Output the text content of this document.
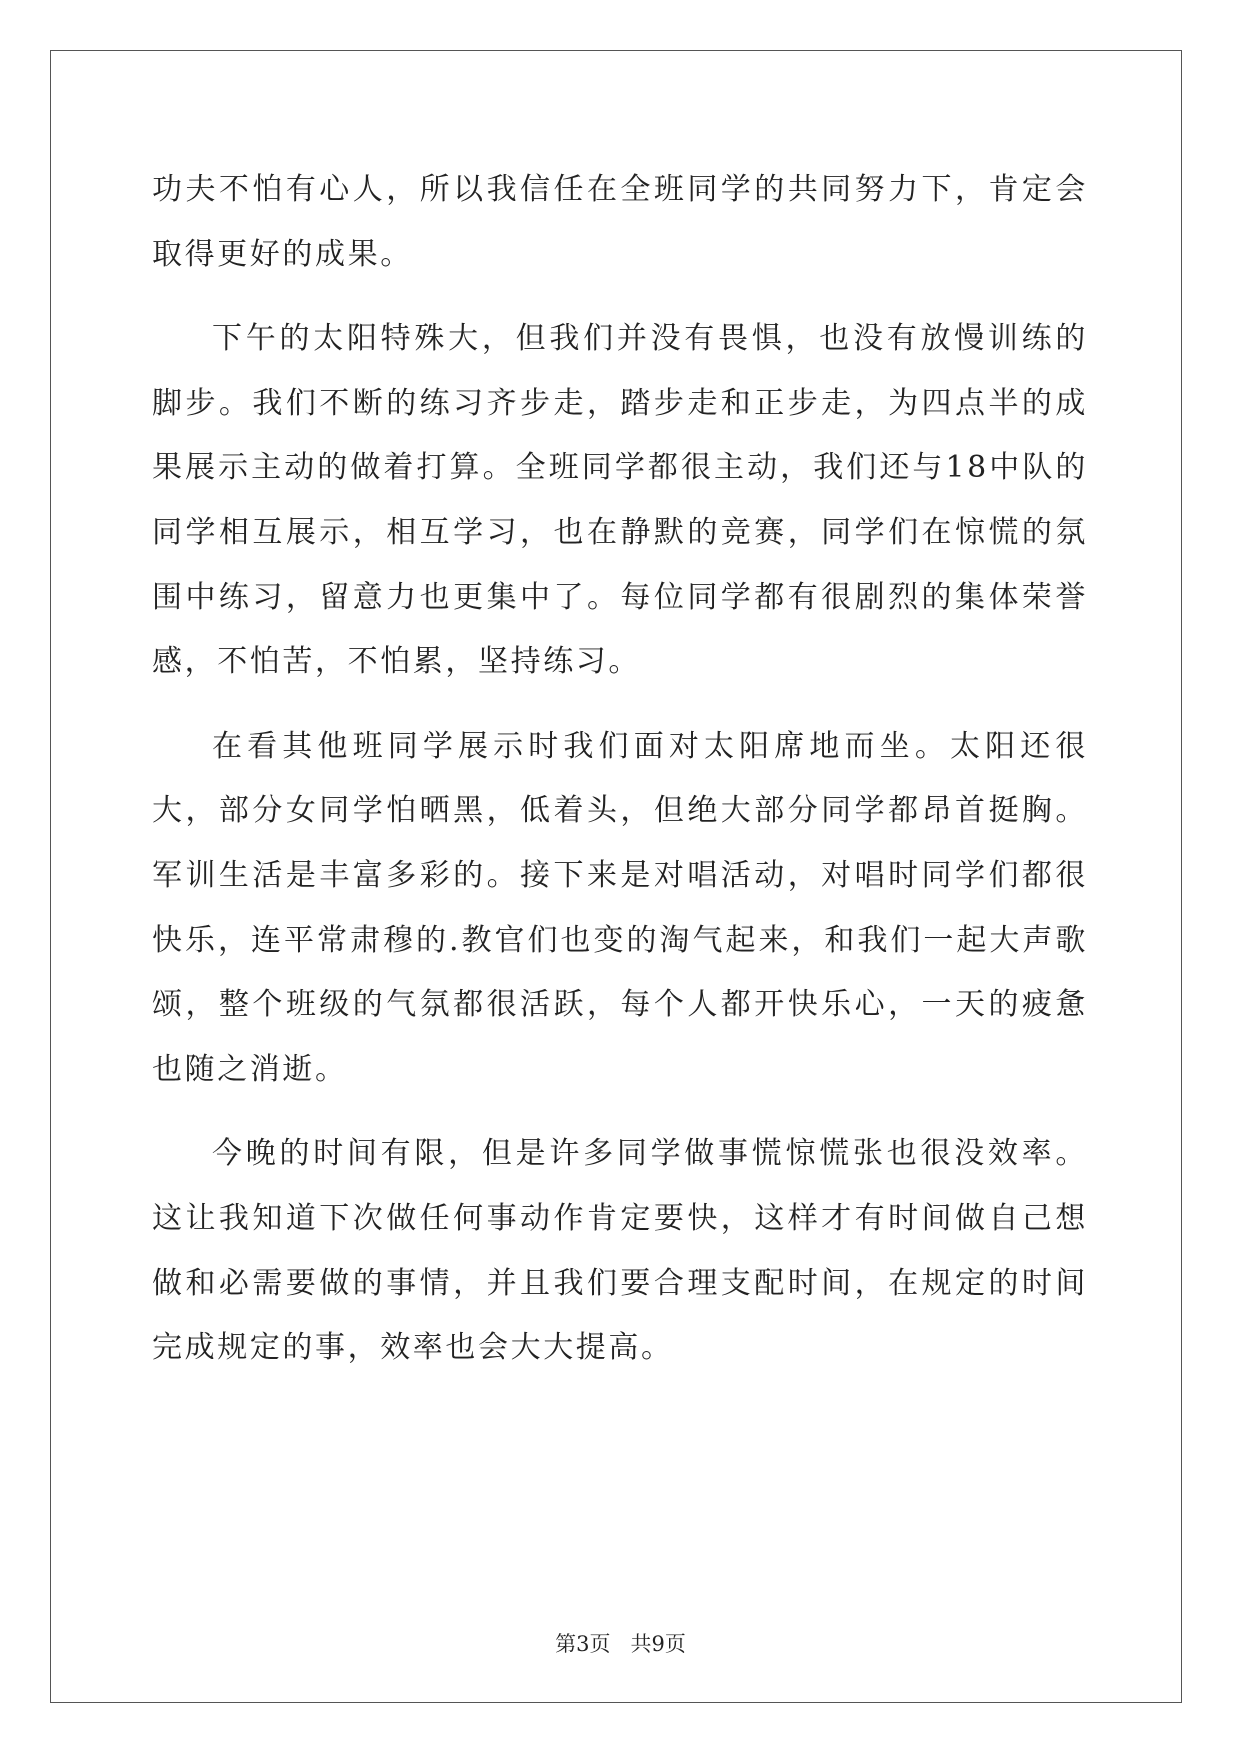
功夫不怕有心人，所以我信任在全班同学的共同努力下，肯定会取得更好的成果。

下午的太阳特殊大，但我们并没有畏惧，也没有放慢训练的脚步。我们不断的练习齐步走，踏步走和正步走，为四点半的成果展示主动的做着打算。全班同学都很主动，我们还与18中队的同学相互展示，相互学习，也在静默的竞赛，同学们在惊慌的氛围中练习，留意力也更集中了。每位同学都有很剧烈的集体荣誉感，不怕苦，不怕累，坚持练习。

在看其他班同学展示时我们面对太阳席地而坐。太阳还很大，部分女同学怕晒黑，低着头，但绝大部分同学都昂首挺胸。军训生活是丰富多彩的。接下来是对唱活动，对唱时同学们都很快乐，连平常肃穆的.教官们也变的淘气起来，和我们一起大声歌颂，整个班级的气氛都很活跃，每个人都开快乐心，一天的疲惫也随之消逝。

今晚的时间有限，但是许多同学做事慌惊慌张也很没效率。这让我知道下次做任何事动作肯定要快，这样才有时间做自己想做和必需要做的事情，并且我们要合理支配时间，在规定的时间完成规定的事，效率也会大大提高。

第3页 共9页
